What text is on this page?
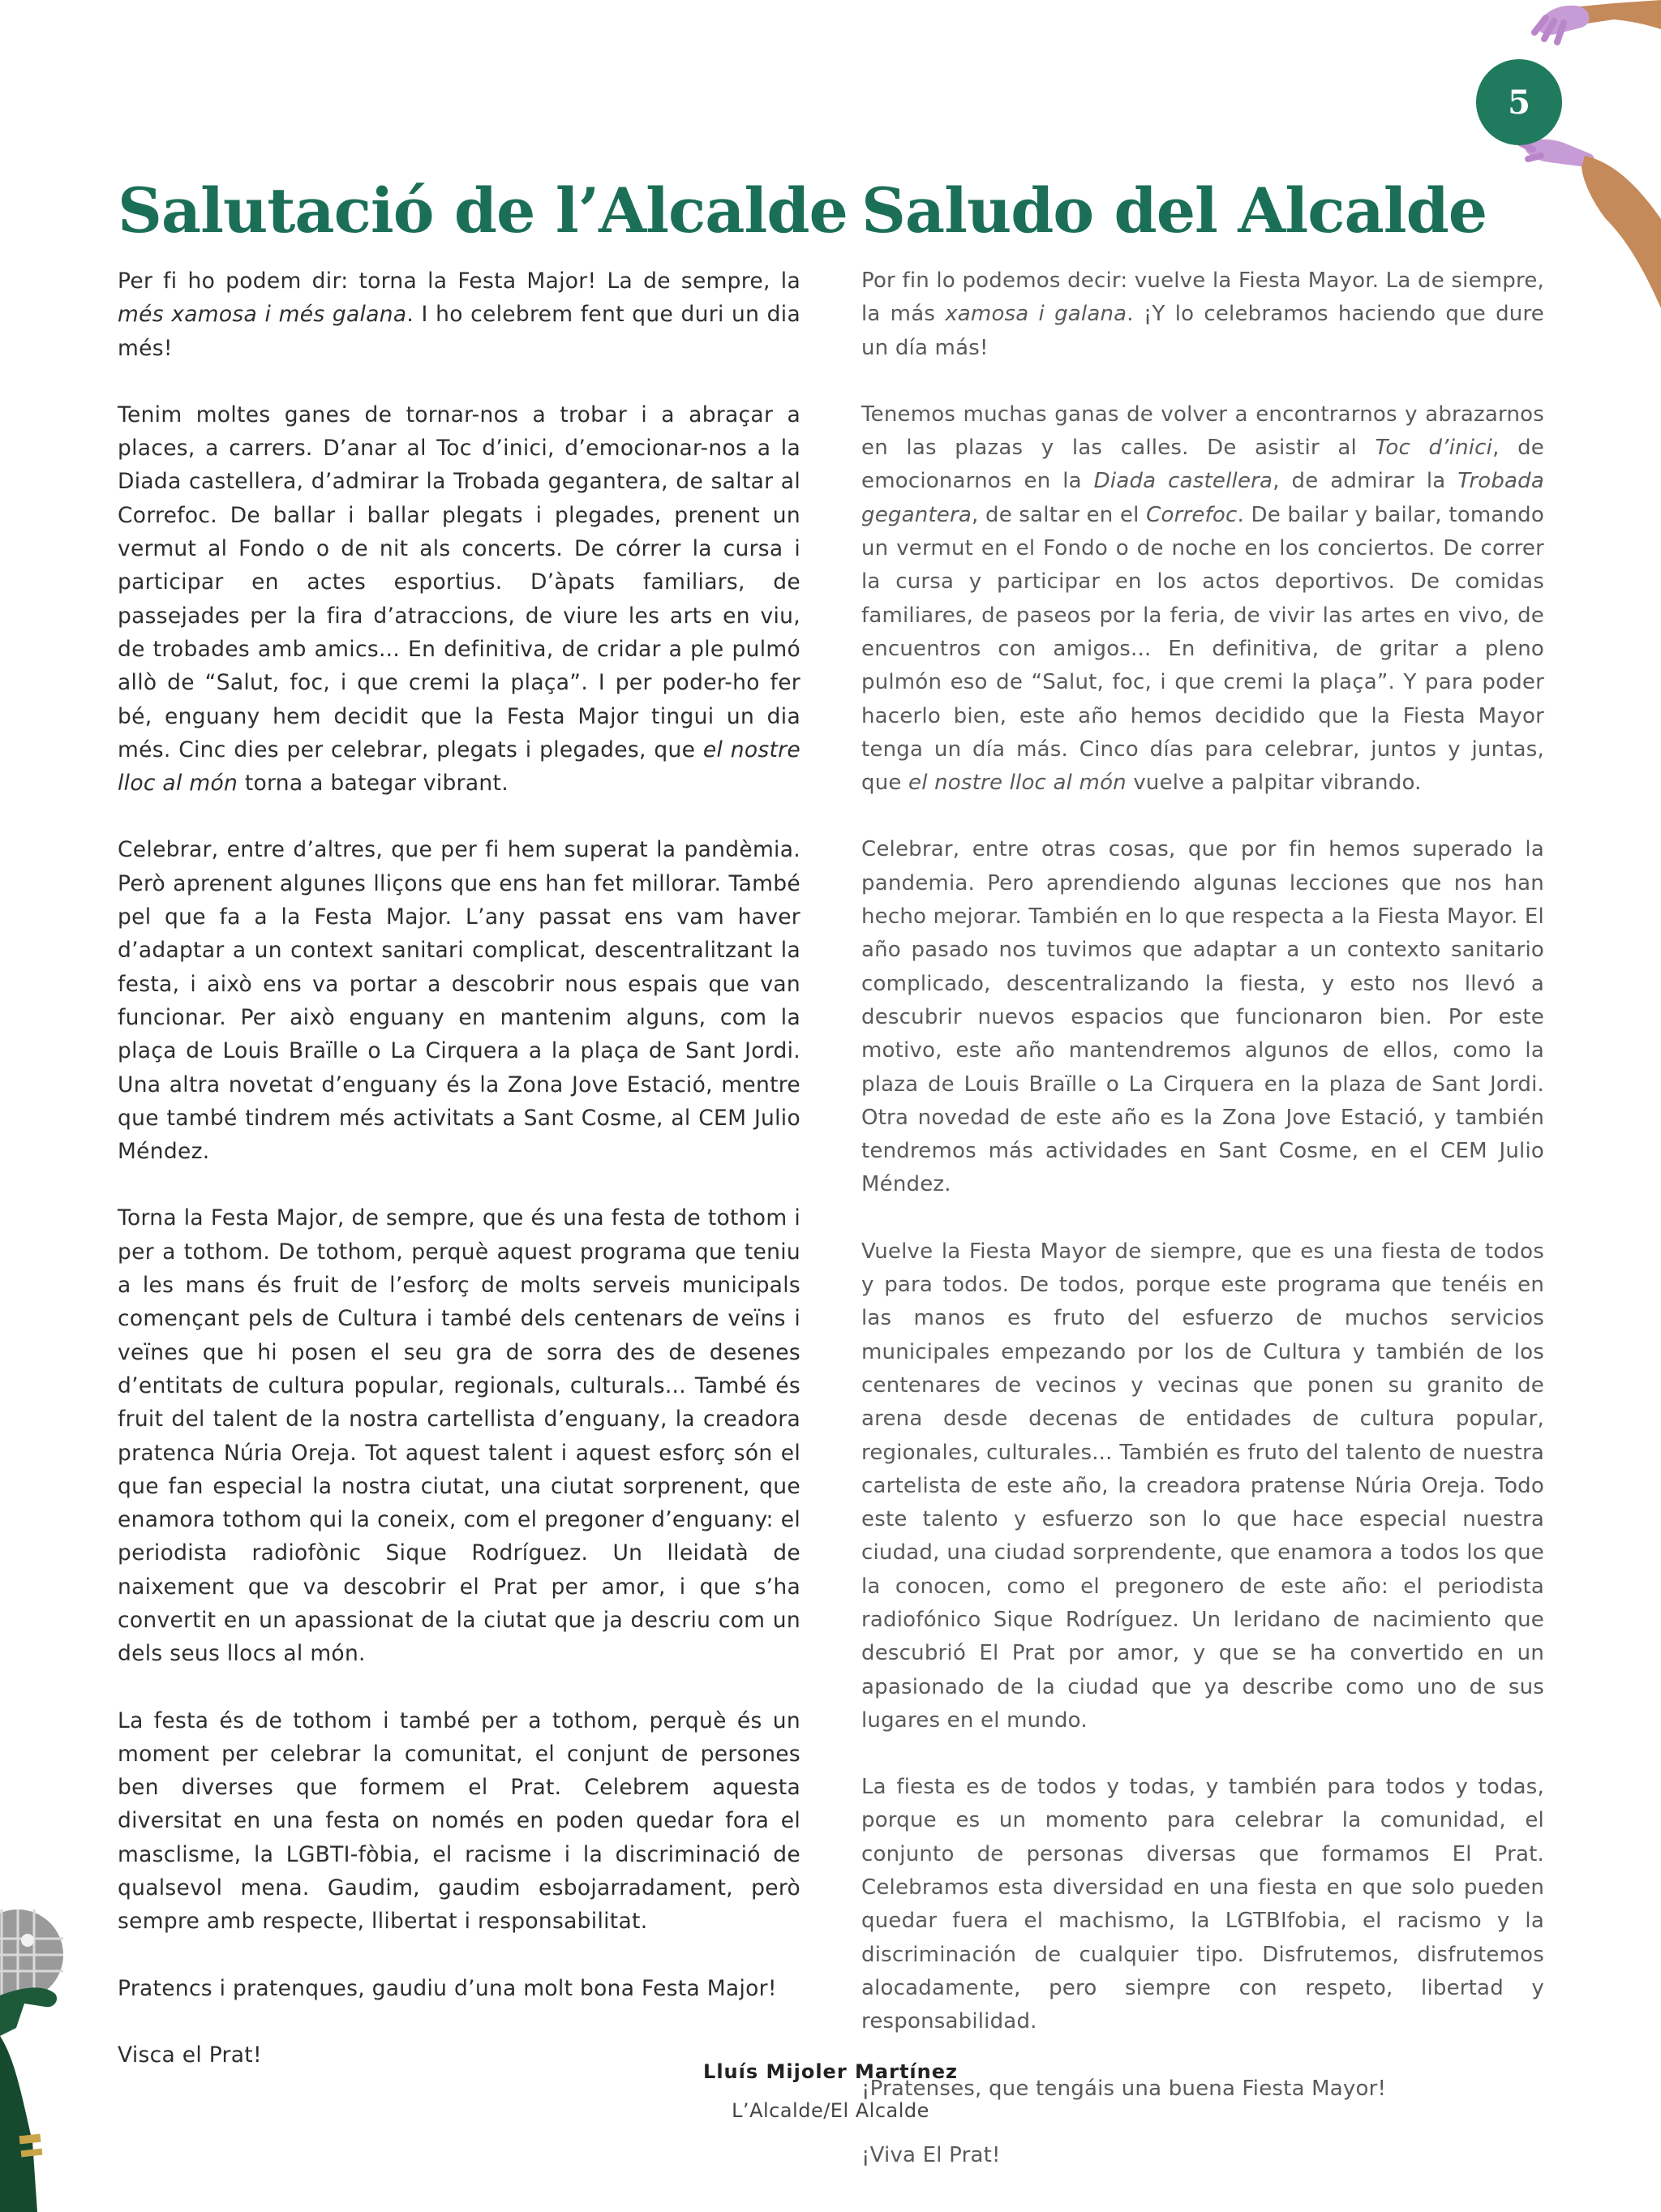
5
Salutació de l’Alcalde

Per fi ho podem dir: torna la Festa Major! La de sempre, la més xamosa i més galana. I ho celebrem fent que duri un dia més!

Tenim moltes ganes de tornar-nos a trobar i a abraçar a places, a carrers. D’anar al Toc d’inici, d’emocionar-nos a la Diada castellera, d’admirar la Trobada gegantera, de saltar al Correfoc. De ballar i ballar plegats i plegades, prenent un vermut al Fondo o de nit als concerts. De córrer la cursa i participar en actes esportius. D’àpats familiars, de passejades per la fira d’atraccions, de viure les arts en viu, de trobades amb amics... En definitiva, de cridar a ple pulmó allò de “Salut, foc, i que cremi la plaça”. I per poder-ho fer bé, enguany hem decidit que la Festa Major tingui un dia més. Cinc dies per celebrar, plegats i plegades, que el nostre lloc al món torna a bategar vibrant.

Celebrar, entre d’altres, que per fi hem superat la pandèmia. Però aprenent algunes lliçons que ens han fet millorar. També pel que fa a la Festa Major. L’any passat ens vam haver d’adaptar a un context sanitari complicat, descentralitzant la festa, i això ens va portar a descobrir nous espais que van funcionar. Per això enguany en mantenim alguns, com la plaça de Louis Braïlle o La Cirquera a la plaça de Sant Jordi. Una altra novetat d’enguany és la Zona Jove Estació, mentre que també tindrem més activitats a Sant Cosme, al CEM Julio Méndez.

Torna la Festa Major, de sempre, que és una festa de tothom i per a tothom. De tothom, perquè aquest programa que teniu a les mans és fruit de l’esforç de molts serveis municipals començant pels de Cultura i també dels centenars de veïns i veïnes que hi posen el seu gra de sorra des de desenes d’entitats de cultura popular, regionals, culturals... També és fruit del talent de la nostra cartellista d’enguany, la creadora pratenca Núria Oreja. Tot aquest talent i aquest esforç són el que fan especial la nostra ciutat, una ciutat sorprenent, que enamora tothom qui la coneix, com el pregoner d’enguany: el periodista radiofònic Sique Rodríguez. Un lleidatà de naixement que va descobrir el Prat per amor, i que s’ha convertit en un apassionat de la ciutat que ja descriu com un dels seus llocs al món.

La festa és de tothom i també per a tothom, perquè és un moment per celebrar la comunitat, el conjunt de persones ben diverses que formem el Prat. Celebrem aquesta diversitat en una festa on només en poden quedar fora el masclisme, la LGBTI-fòbia, el racisme i la discriminació de qualsevol mena. Gaudim, gaudim esbojarradament, però sempre amb respecte, llibertat i responsabilitat.

Pratencs i pratenques, gaudiu d’una molt bona Festa Major!

Visca el Prat!

Saludo del Alcalde

Por fin lo podemos decir: vuelve la Fiesta Mayor. La de siempre, la más xamosa i galana. ¡Y lo celebramos haciendo que dure un día más!

Tenemos muchas ganas de volver a encontrarnos y abrazarnos en las plazas y las calles. De asistir al Toc d’inici, de emocionarnos en la Diada castellera, de admirar la Trobada gegantera, de saltar en el Correfoc. De bailar y bailar, tomando un vermut en el Fondo o de noche en los conciertos. De correr la cursa y participar en los actos deportivos. De comidas familiares, de paseos por la feria, de vivir las artes en vivo, de encuentros con amigos... En definitiva, de gritar a pleno pulmón eso de “Salut, foc, i que cremi la plaça”. Y para poder hacerlo bien, este año hemos decidido que la Fiesta Mayor tenga un día más. Cinco días para celebrar, juntos y juntas, que el nostre lloc al món vuelve a palpitar vibrando.

Celebrar, entre otras cosas, que por fin hemos superado la pandemia. Pero aprendiendo algunas lecciones que nos han hecho mejorar. También en lo que respecta a la Fiesta Mayor. El año pasado nos tuvimos que adaptar a un contexto sanitario complicado, descentralizando la fiesta, y esto nos llevó a descubrir nuevos espacios que funcionaron bien. Por este motivo, este año mantendremos algunos de ellos, como la plaza de Louis Braïlle o La Cirquera en la plaza de Sant Jordi. Otra novedad de este año es la Zona Jove Estació, y también tendremos más actividades en Sant Cosme, en el CEM Julio Méndez.

Vuelve la Fiesta Mayor de siempre, que es una fiesta de todos y para todos. De todos, porque este programa que tenéis en las manos es fruto del esfuerzo de muchos servicios municipales empezando por los de Cultura y también de los centenares de vecinos y vecinas que ponen su granito de arena desde decenas de entidades de cultura popular, regionales, culturales... También es fruto del talento de nuestra cartelista de este año, la creadora pratense Núria Oreja. Todo este talento y esfuerzo son lo que hace especial nuestra ciudad, una ciudad sorprendente, que enamora a todos los que la conocen, como el pregonero de este año: el periodista radiofónico Sique Rodríguez. Un leridano de nacimiento que descubrió El Prat por amor, y que se ha convertido en un apasionado de la ciudad que ya describe como uno de sus lugares en el mundo.

La fiesta es de todos y todas, y también para todos y todas, porque es un momento para celebrar la comunidad, el conjunto de personas diversas que formamos El Prat. Celebramos esta diversidad en una fiesta en que solo pueden quedar fuera el machismo, la LGTBIfobia, el racismo y la discriminación de cualquier tipo. Disfrutemos, disfrutemos alocadamente, pero siempre con respeto, libertad y responsabilidad.

¡Pratenses, que tengáis una buena Fiesta Mayor!

¡Viva El Prat!

Lluís Mijoler Martínez
L’Alcalde/El Alcalde
